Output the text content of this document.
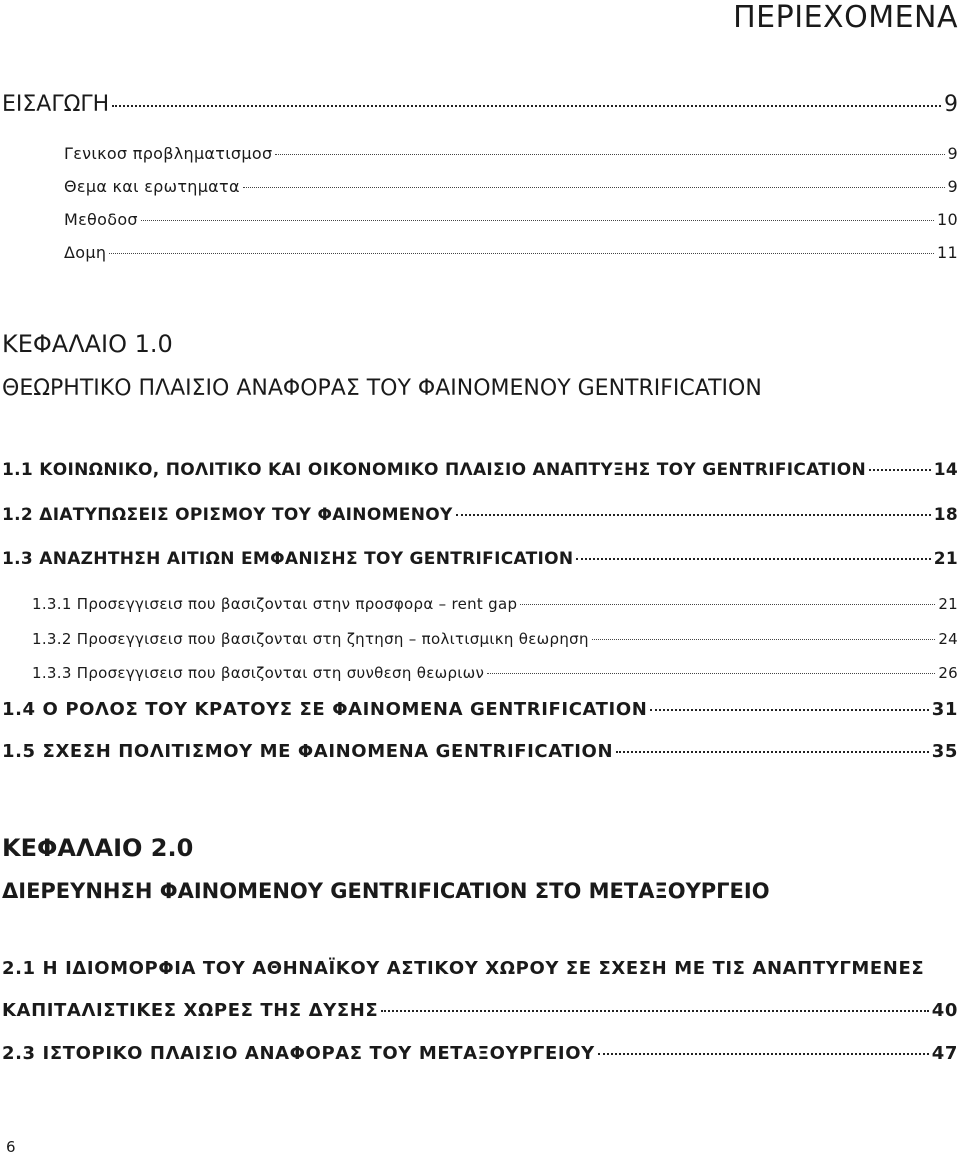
ΠΕΡΙΕΧΟΜΕΝΑ
ΕΙΣΑΓΩΓΗ	9
Γενικοσ προβληματισμοσ	9
Θεμα και ερωτηματα	9
Μεθοδοσ	10
Δομη	11
ΚΕΦΑΛΑΙΟ 1.0
ΘΕΩΡΗΤΙΚΟ ΠΛΑΙΣΙΟ ΑΝΑΦΟΡΑΣ ΤΟΥ ΦΑΙΝΟΜΕΝΟΥ GENTRIFICATION
1.1 ΚΟΙΝΩΝΙΚΟ, ΠΟΛΙΤΙΚΟ ΚΑΙ ΟΙΚΟΝΟΜΙΚΟ ΠΛΑΙΣΙΟ ΑΝΑΠΤΥΞΗΣ ΤΟΥ GENTRIFICATION	14
1.2 ΔΙΑΤΥΠΩΣΕΙΣ ΟΡΙΣΜΟΥ ΤΟΥ ΦΑΙΝΟΜΕΝΟΥ	18
1.3 ΑΝΑΖΗΤΗΣΗ ΑΙΤΙΩΝ ΕΜΦΑΝΙΣΗΣ ΤΟΥ GENTRIFICATION	21
1.3.1 Προσεγγισεισ που βασιζονται στην προσφορα – rent gap	21
1.3.2 Προσεγγισεισ που βασιζονται στη ζητηση – πολιτισμικη θεωρηση	24
1.3.3 Προσεγγισεισ που βασιζονται στη συνθεση θεωριων	26
1.4 Ο ΡΟΛΟΣ ΤΟΥ ΚΡΑΤΟΥΣ ΣΕ ΦΑΙΝΟΜΕΝΑ GENTRIFICATION	31
1.5 ΣΧΕΣΗ ΠΟΛΙΤΙΣΜΟΥ ΜΕ ΦΑΙΝΟΜΕΝΑ GENTRIFICATION	35
ΚΕΦΑΛΑΙΟ 2.0
ΔΙΕΡΕΥΝΗΣΗ ΦΑΙΝΟΜΕΝΟΥ GENTRIFICATION ΣΤΟ ΜΕΤΑΞΟΥΡΓΕΙΟ
2.1 Η ΙΔΙΟΜΟΡΦΙΑ ΤΟΥ ΑΘΗΝΑΪΚΟΥ ΑΣΤΙΚΟΥ ΧΩΡΟΥ ΣΕ ΣΧΕΣΗ ΜΕ ΤΙΣ ΑΝΑΠΤΥΓΜΕΝΕΣ
ΚΑΠΙΤΑΛΙΣΤΙΚΕΣ ΧΩΡΕΣ ΤΗΣ ΔΥΣΗΣ	40
2.3 ΙΣΤΟΡΙΚΟ ΠΛΑΙΣΙΟ ΑΝΑΦΟΡΑΣ ΤΟΥ ΜΕΤΑΞΟΥΡΓΕΙΟΥ	47
6
